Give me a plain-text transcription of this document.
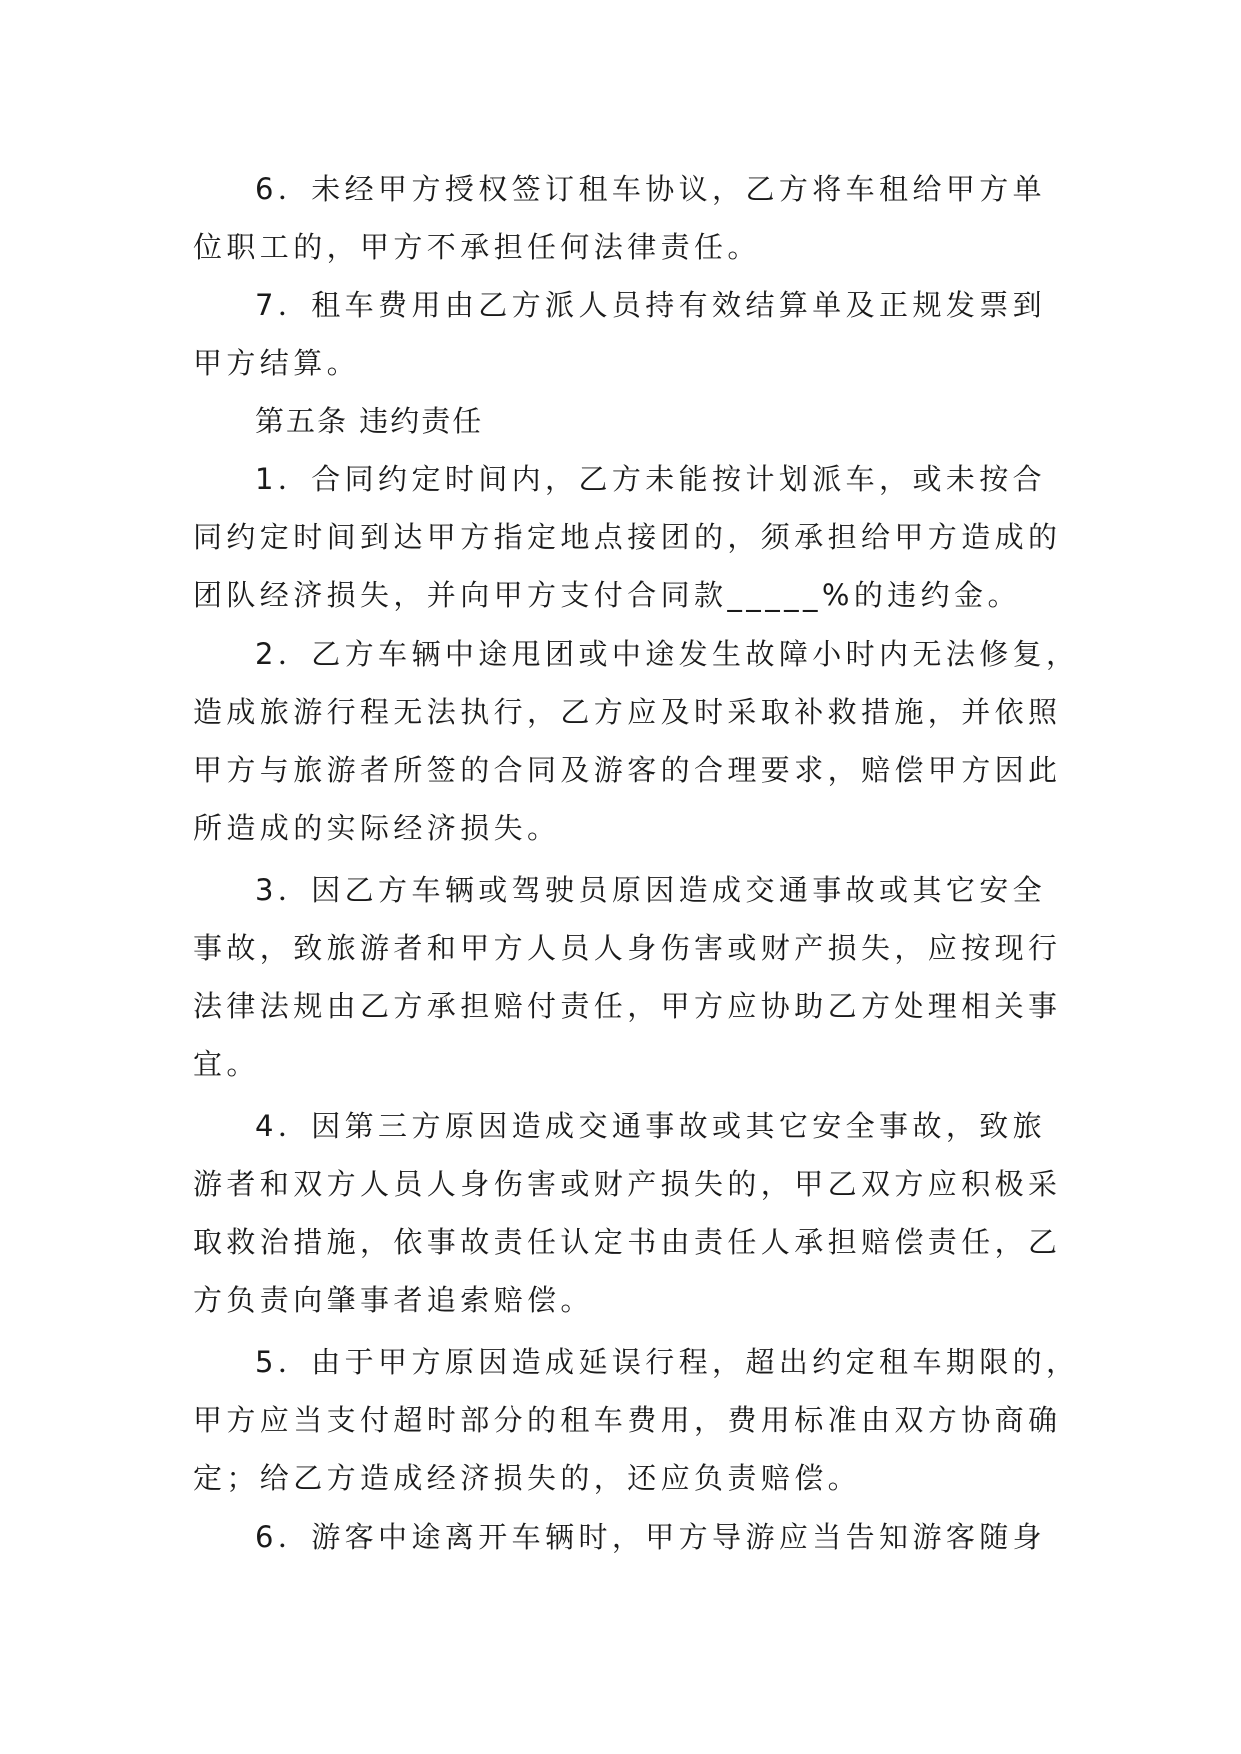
6．未经甲方授权签订租车协议，乙方将车租给甲方单
位职工的，甲方不承担任何法律责任。
7．租车费用由乙方派人员持有效结算单及正规发票到
甲方结算。
第五条 违约责任
1．合同约定时间内，乙方未能按计划派车，或未按合
同约定时间到达甲方指定地点接团的，须承担给甲方造成的
团队经济损失，并向甲方支付合同款_____%的违约金。
2．乙方车辆中途甩团或中途发生故障小时内无法修复，
造成旅游行程无法执行，乙方应及时采取补救措施，并依照
甲方与旅游者所签的合同及游客的合理要求，赔偿甲方因此
所造成的实际经济损失。
3．因乙方车辆或驾驶员原因造成交通事故或其它安全
事故，致旅游者和甲方人员人身伤害或财产损失，应按现行
法律法规由乙方承担赔付责任，甲方应协助乙方处理相关事
宜。
4．因第三方原因造成交通事故或其它安全事故，致旅
游者和双方人员人身伤害或财产损失的，甲乙双方应积极采
取救治措施，依事故责任认定书由责任人承担赔偿责任，乙
方负责向肇事者追索赔偿。
5．由于甲方原因造成延误行程，超出约定租车期限的，
甲方应当支付超时部分的租车费用，费用标准由双方协商确
定；给乙方造成经济损失的，还应负责赔偿。
6．游客中途离开车辆时，甲方导游应当告知游客随身
